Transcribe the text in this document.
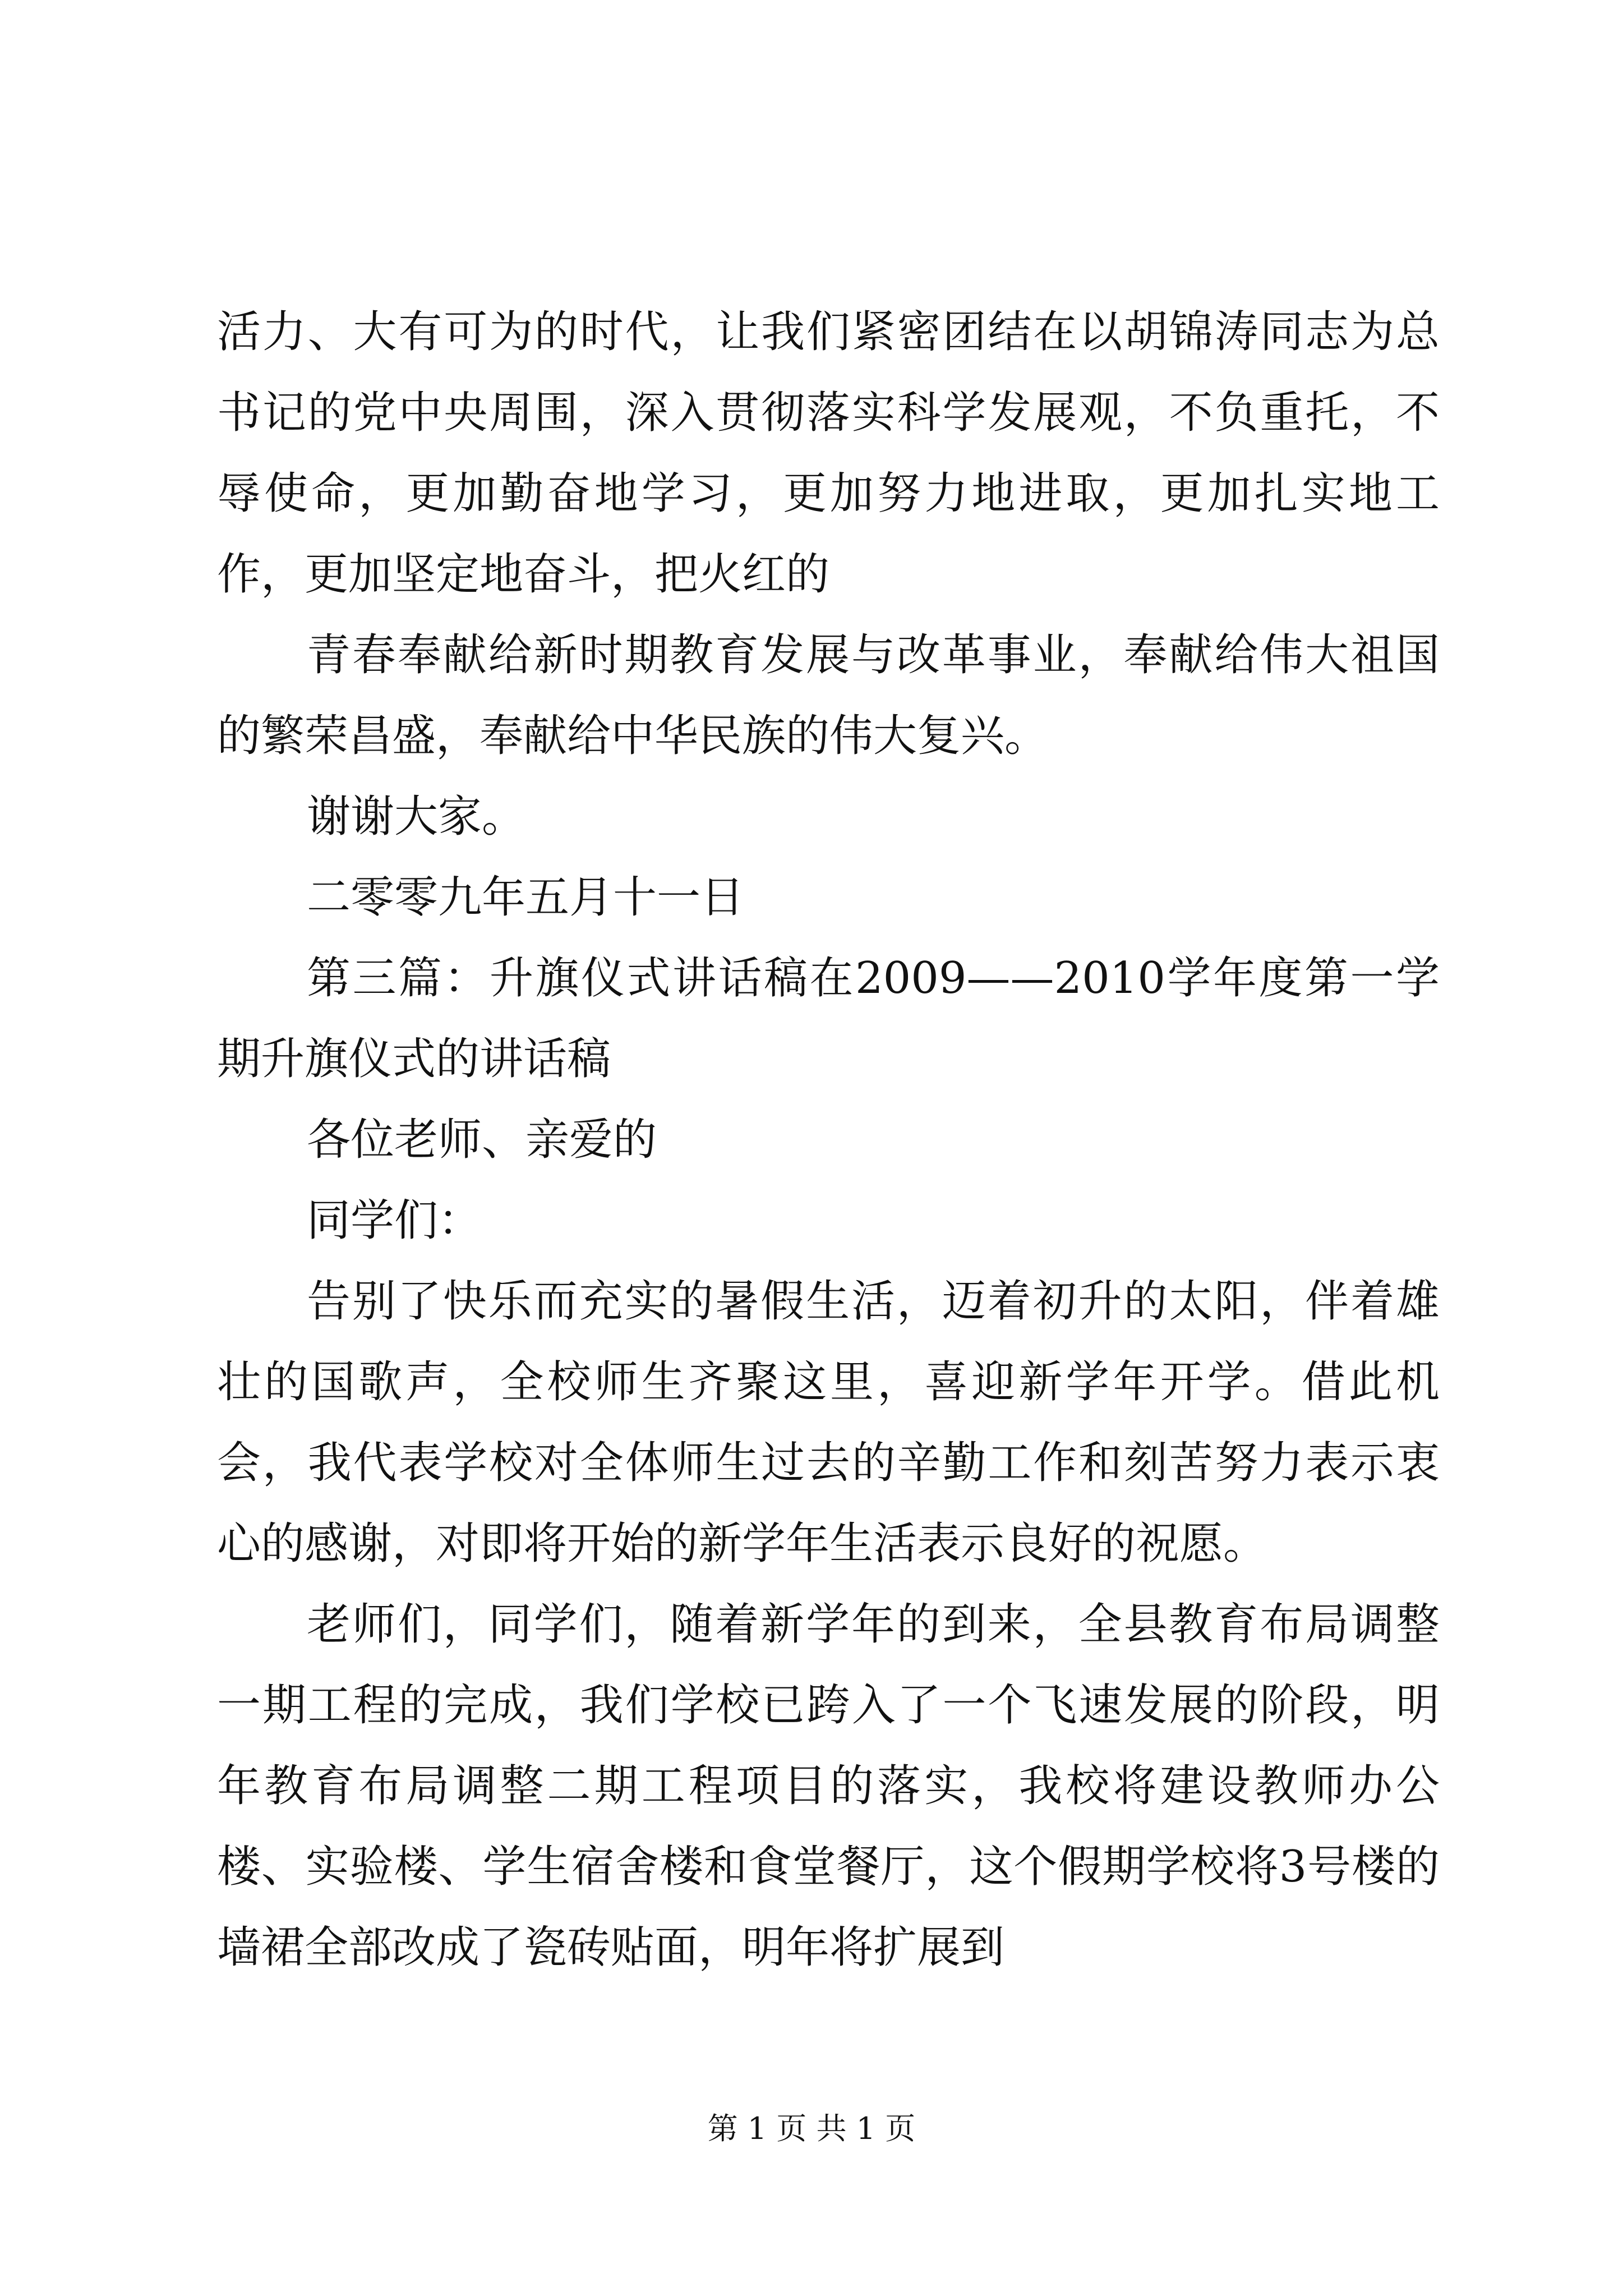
活力、大有可为的时代，让我们紧密团结在以胡锦涛同志为总书记的党中央周围，深入贯彻落实科学发展观，不负重托，不辱使命，更加勤奋地学习，更加努力地进取，更加扎实地工作，更加坚定地奋斗，把火红的

青春奉献给新时期教育发展与改革事业，奉献给伟大祖国的繁荣昌盛，奉献给中华民族的伟大复兴。

谢谢大家。

二零零九年五月十一日

第三篇：升旗仪式讲话稿在2009——2010学年度第一学期升旗仪式的讲话稿

各位老师、亲爱的

同学们：

告别了快乐而充实的暑假生活，迈着初升的太阳，伴着雄壮的国歌声，全校师生齐聚这里，喜迎新学年开学。借此机会，我代表学校对全体师生过去的辛勤工作和刻苦努力表示衷心的感谢，对即将开始的新学年生活表示良好的祝愿。

老师们，同学们，随着新学年的到来，全县教育布局调整一期工程的完成，我们学校已跨入了一个飞速发展的阶段，明年教育布局调整二期工程项目的落实，我校将建设教师办公楼、实验楼、学生宿舍楼和食堂餐厅，这个假期学校将3号楼的墙裙全部改成了瓷砖贴面，明年将扩展到

第 1 页 共 1 页
